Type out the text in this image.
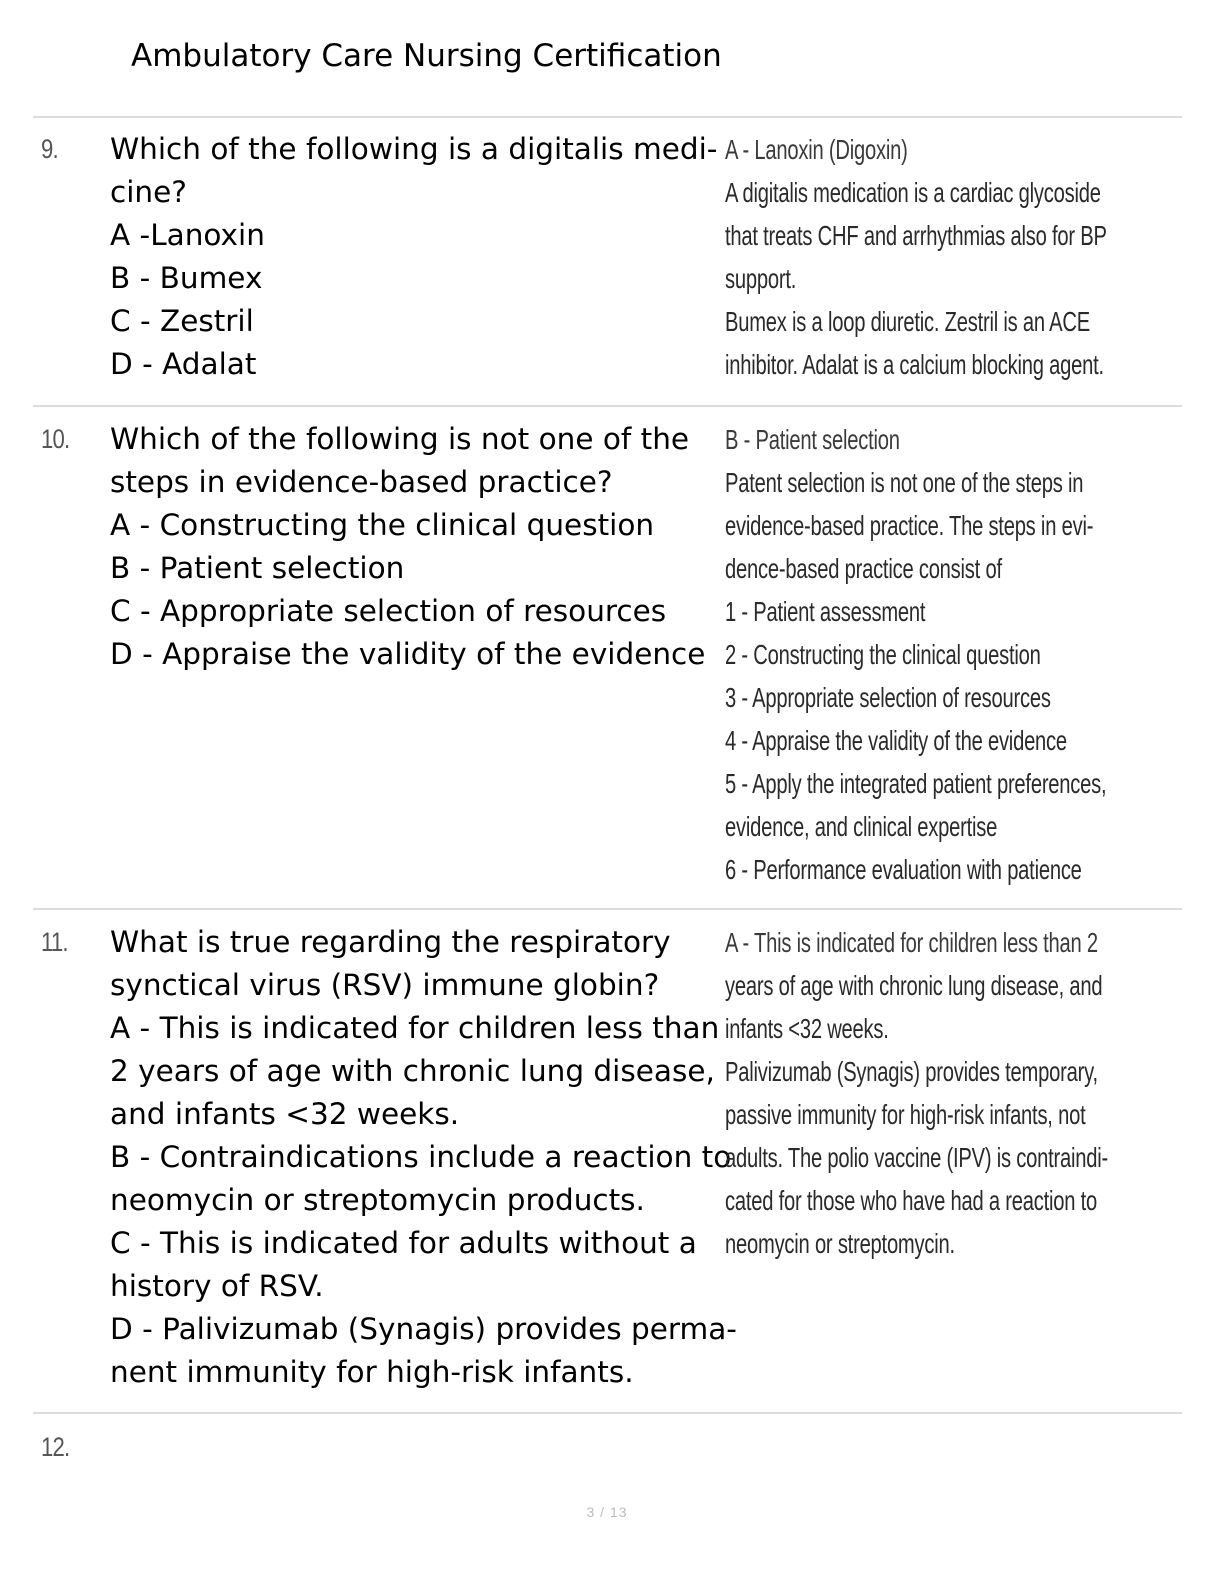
Ambulatory Care Nursing Certification
9. Which of the following is a digitalis medi-
cine?
A -Lanoxin
B - Bumex
C - Zestril
D - Adalat
A - Lanoxin (Digoxin)
A digitalis medication is a cardiac glycoside
that treats CHF and arrhythmias also for BP
support.
Bumex is a loop diuretic. Zestril is an ACE
inhibitor. Adalat is a calcium blocking agent.
10. Which of the following is not one of the
steps in evidence-based practice?
A - Constructing the clinical question
B - Patient selection
C - Appropriate selection of resources
D - Appraise the validity of the evidence
B - Patient selection
Patent selection is not one of the steps in
evidence-based practice. The steps in evi-
dence-based practice consist of
1 - Patient assessment
2 - Constructing the clinical question
3 - Appropriate selection of resources
4 - Appraise the validity of the evidence
5 - Apply the integrated patient preferences,
evidence, and clinical expertise
6 - Performance evaluation with patience
11. What is true regarding the respiratory
synctical virus (RSV) immune globin?
A - This is indicated for children less than
2 years of age with chronic lung disease,
and infants <32 weeks.
B - Contraindications include a reaction to
neomycin or streptomycin products.
C - This is indicated for adults without a
history of RSV.
D - Palivizumab (Synagis) provides perma-
nent immunity for high-risk infants.
A - This is indicated for children less than 2
years of age with chronic lung disease, and
infants <32 weeks.
Palivizumab (Synagis) provides temporary,
passive immunity for high-risk infants, not
adults. The polio vaccine (IPV) is contraindi-
cated for those who have had a reaction to
neomycin or streptomycin.
12.
3 / 13
